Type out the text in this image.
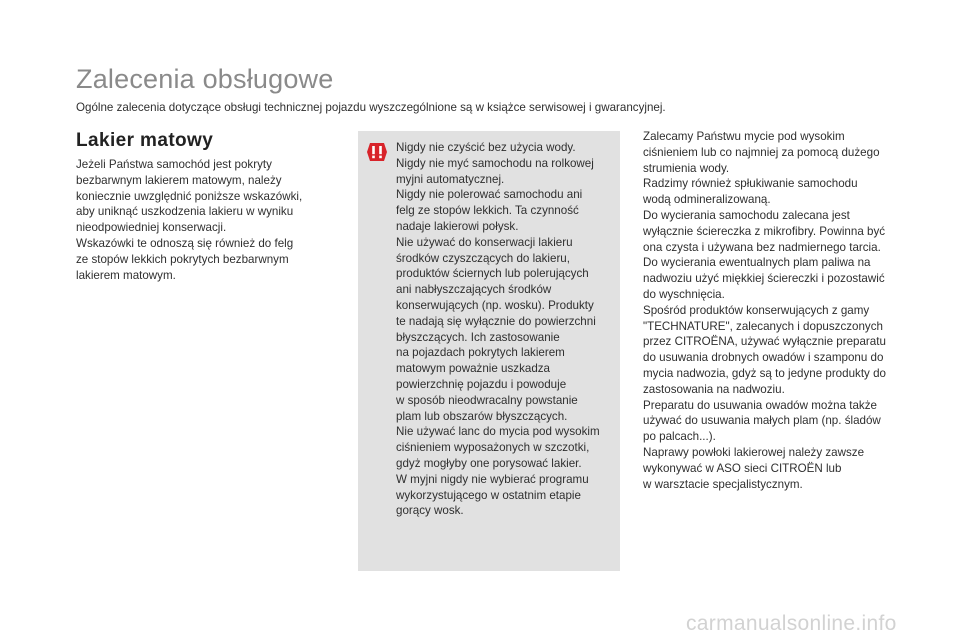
Zalecenia obsługowe
Ogólne zalecenia dotyczące obsługi technicznej pojazdu wyszczególnione są w książce serwisowej i gwarancyjnej.
Lakier matowy
Jeżeli Państwa samochód jest pokryty
bezbarwnym lakierem matowym, należy
koniecznie uwzględnić poniższe wskazówki,
aby uniknąć uszkodzenia lakieru w wyniku
nieodpowiedniej konserwacji.
Wskazówki te odnoszą się również do felg
ze stopów lekkich pokrytych bezbarwnym
lakierem matowym.
Nigdy nie czyścić bez użycia wody.
Nigdy nie myć samochodu na rolkowej
myjni automatycznej.
Nigdy nie polerować samochodu ani
felg ze stopów lekkich. Ta czynność
nadaje lakierowi połysk.
Nie używać do konserwacji lakieru
środków czyszczących do lakieru,
produktów ściernych lub polerujących
ani nabłyszczających środków
konserwujących (np. wosku). Produkty
te nadają się wyłącznie do powierzchni
błyszczących. Ich zastosowanie
na pojazdach pokrytych lakierem
matowym poważnie uszkadza
powierzchnię pojazdu i powoduje
w sposób nieodwracalny powstanie
plam lub obszarów błyszczących.
Nie używać lanc do mycia pod wysokim
ciśnieniem wyposażonych w szczotki,
gdyż mogłyby one porysować lakier.
W myjni nigdy nie wybierać programu
wykorzystującego w ostatnim etapie
gorący wosk.
Zalecamy Państwu mycie pod wysokim
ciśnieniem lub co najmniej za pomocą dużego
strumienia wody.
Radzimy również spłukiwanie samochodu
wodą odmineralizowaną.
Do wycierania samochodu zalecana jest
wyłącznie ściereczka z mikrofibry. Powinna być
ona czysta i używana bez nadmiernego tarcia.
Do wycierania ewentualnych plam paliwa na
nadwoziu użyć miękkiej ściereczki i pozostawić
do wyschnięcia.
Spośród produktów konserwujących z gamy
"TECHNATURE", zalecanych i dopuszczonych
przez CITROËNA, używać wyłącznie preparatu
do usuwania drobnych owadów i szamponu do
mycia nadwozia, gdyż są to jedyne produkty do
zastosowania na nadwoziu.
Preparatu do usuwania owadów można także
używać do usuwania małych plam (np. śladów
po palcach...).
Naprawy powłoki lakierowej należy zawsze
wykonywać w ASO sieci CITROËN lub
w warsztacie specjalistycznym.
carmanualsonline.info
